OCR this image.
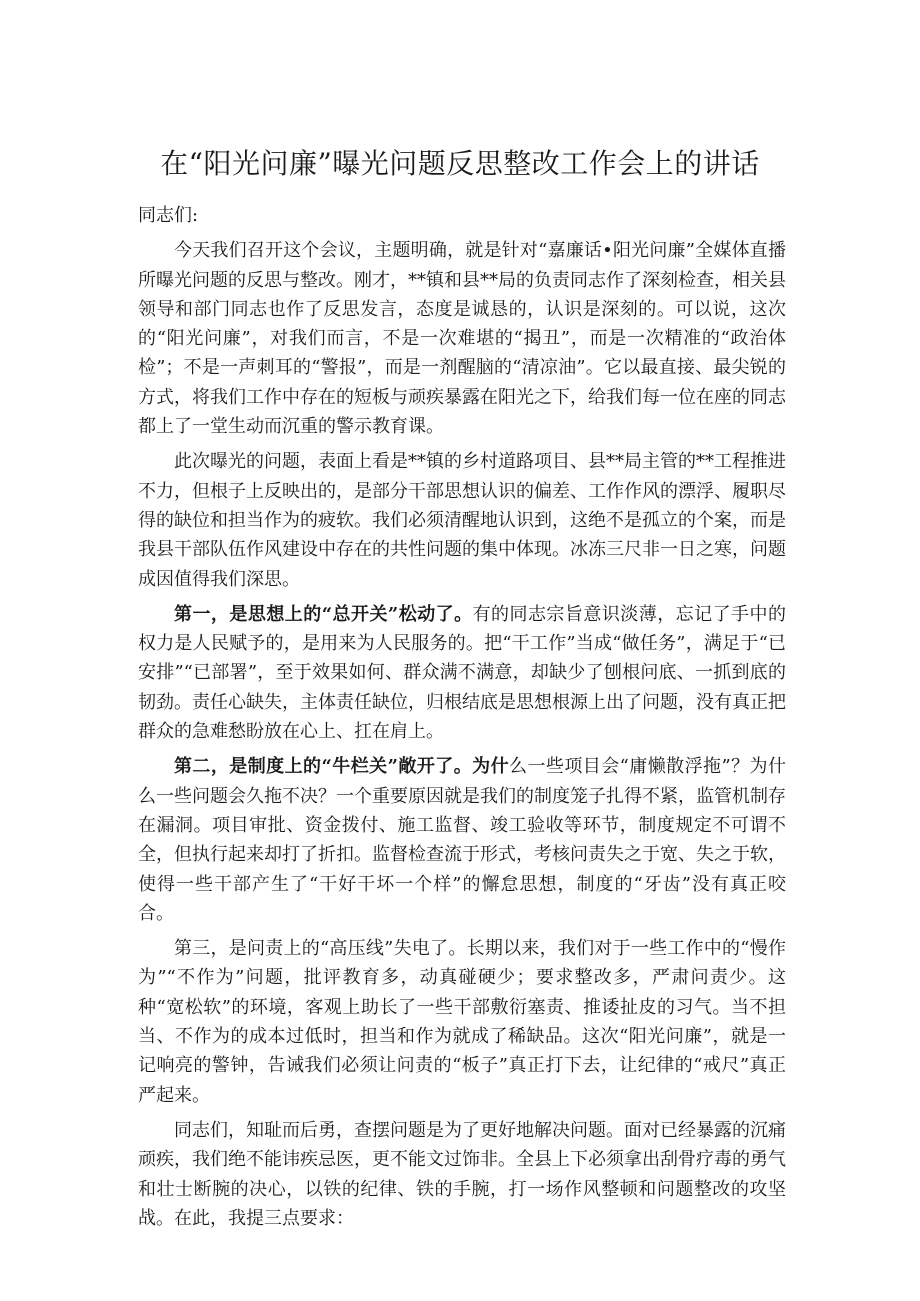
在“阳光问廉”曝光问题反思整改工作会上的讲话

同志们:

今天我们召开这个会议，主题明确，就是针对“嘉廉话•阳光问廉”全媒体直播所曝光问题的反思与整改。刚才，**镇和县**局的负责同志作了深刻检查，相关县领导和部门同志也作了反思发言，态度是诚恳的，认识是深刻的。可以说，这次的“阳光问廉”，对我们而言，不是一次难堪的“揭丑”，而是一次精准的“政治体检”；不是一声刺耳的“警报”，而是一剂醒脑的“清凉油”。它以最直接、最尖锐的方式，将我们工作中存在的短板与顽疾暴露在阳光之下，给我们每一位在座的同志都上了一堂生动而沉重的警示教育课。

此次曝光的问题，表面上看是**镇的乡村道路项目、县**局主管的**工程推进不力，但根子上反映出的，是部分干部思想认识的偏差、工作作风的漂浮、履职尽得的缺位和担当作为的疲软。我们必须清醒地认识到，这绝不是孤立的个案，而是我县干部队伍作风建设中存在的共性问题的集中体现。冰冻三尺非一日之寒，问题成因值得我们深思。

第一，是思想上的“总开关”松动了。有的同志宗旨意识淡薄，忘记了手中的权力是人民赋予的，是用来为人民服务的。把“干工作”当成“做任务”，满足于“已安排”“已部署”，至于效果如何、群众满不满意，却缺少了刨根问底、一抓到底的韧劲。责任心缺失，主体责任缺位，归根结底是思想根源上出了问题，没有真正把群众的急难愁盼放在心上、扛在肩上。

第二，是制度上的“牛栏关”敞开了。为什么一些项目会“庸懒散浮拖”？为什么一些问题会久拖不决？一个重要原因就是我们的制度笼子扎得不紧，监管机制存在漏洞。项目审批、资金拨付、施工监督、竣工验收等环节，制度规定不可谓不全，但执行起来却打了折扣。监督检查流于形式，考核问责失之于宽、失之于软，使得一些干部产生了“干好干坏一个样”的懈怠思想，制度的“牙齿”没有真正咬合。

第三，是问责上的“高压线”失电了。长期以来，我们对于一些工作中的“慢作为”“不作为”问题，批评教育多，动真碰硬少；要求整改多，严肃问责少。这种“宽松软”的环境，客观上助长了一些干部敷衍塞责、推诿扯皮的习气。当不担当、不作为的成本过低时，担当和作为就成了稀缺品。这次“阳光问廉”，就是一记响亮的警钟，告诫我们必须让问责的“板子”真正打下去，让纪律的“戒尺”真正严起来。

同志们，知耻而后勇，查摆问题是为了更好地解决问题。面对已经暴露的沉痛顽疾，我们绝不能讳疾忌医，更不能文过饰非。全县上下必须拿出刮骨疗毒的勇气和壮士断腕的决心，以铁的纪律、铁的手腕，打一场作风整顿和问题整改的攻坚战。在此，我提三点要求：
